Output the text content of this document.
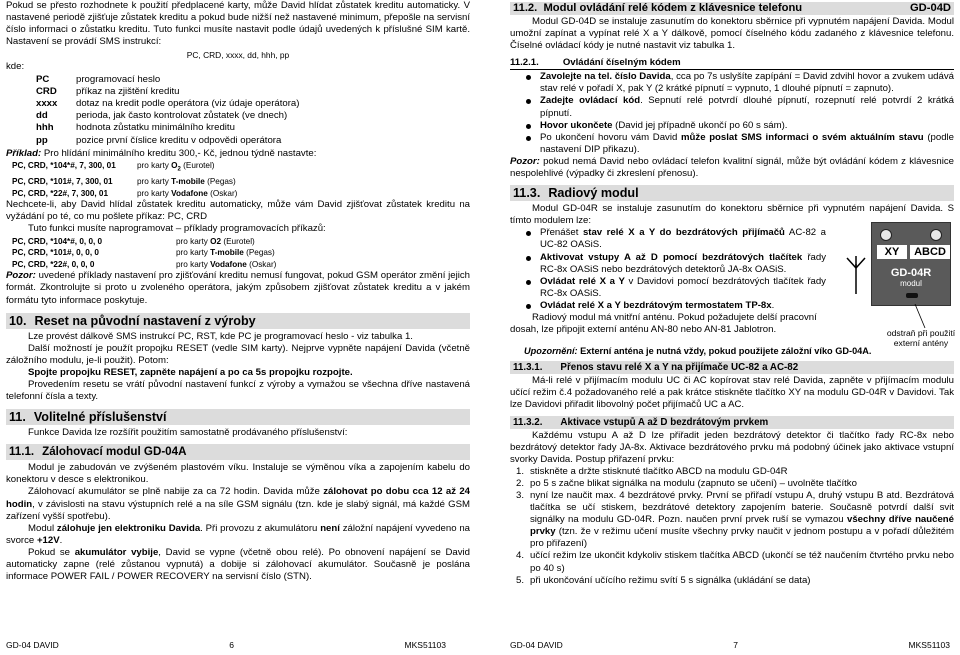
Pokud se přesto rozhodnete k použití předplacené karty, může David hlídat zůstatek kreditu automaticky. V nastavené periodě zjišťuje zůstatek kreditu a pokud bude nižší než nastavené minimum, přepošle na servisní číslo informaci o zůstatku kreditu. Tuto funkci musíte nastavit podle údajů uvedených k příslušné SIM kartě. Nastavení se provádí SMS instrukcí:

PC, CRD, xxxx, dd, hhh, pp

kde:

PC	programovací heslo
CRD	příkaz na zjištění kreditu
xxxx	dotaz na kredit podle operátora (viz údaje operátora)
dd	perioda, jak často kontrolovat zůstatek (ve dnech)
hhh	hodnota zůstatku minimálního kreditu
pp	pozice první číslice kreditu v odpovědi operátora

Příklad: Pro hlídání minimálního kreditu 300,- Kč, jednou týdně nastavte:

PC, CRD, *104*#, 7, 300, 01	pro karty $O_2$ (Eurotel)
PC, CRD, *101#, 7, 300, 01	pro karty T-mobile (Pegas)
PC, CRD, *22#, 7, 300, 01	pro karty Vodafone (Oskar)

Nechcete-li, aby David hlídal zůstatek kreditu automaticky, může vám David zjišťovat zůstatek kreditu na vyžádání po té, co mu pošlete příkaz: PC, CRD

Tuto funkci musíte naprogramovat – příklady programovacích příkazů:

PC, CRD, *104*#, 0, 0, 0	pro karty O2 (Eurotel)
PC, CRD, *101#, 0, 0, 0	pro karty T-mobile (Pegas)
PC, CRD, *22#, 0, 0, 0	pro karty Vodafone (Oskar)

Pozor: uvedené příklady nastavení pro zjišťování kreditu nemusí fungovat, pokud GSM operátor změní jejich formát. Zkontrolujte si proto u zvoleného operátora, jakým způsobem zjišťovat zůstatek kreditu a v jakém formátu tyto informace poskytuje.

10. Reset na původní nastavení z výroby

Lze provést dálkově SMS instrukcí PC, RST, kde PC je programovací heslo - viz tabulka 1.

Další možností je použít propojku RESET (vedle SIM karty). Nejprve vypněte napájení Davida (včetně záložního modulu, je-li použit). Potom:

Spojte propojku RESET, zapněte napájení a po ca 5s propojku rozpojte.

Provedením resetu se vrátí původní nastavení funkcí z výroby a vymažou se všechna dříve nastavená telefonní čísla a texty.

11. Volitelné příslušenství

Funkce Davida lze rozšířit použitím samostatně prodávaného příslušenství:

11.1. Zálohovací modul GD-04A

Modul je zabudován ve zvýšeném plastovém víku. Instaluje se výměnou víka a zapojením kabelu do konektoru v desce s elektronikou.

Zálohovací akumulátor se plně nabije za ca 72 hodin. Davida může zálohovat po dobu cca 12 až 24 hodin, v závislosti na stavu výstupních relé a na síle GSM signálu (tzn. kde je slabý signál, má každé GSM zařízení vyšší spotřebu).

Modul zálohuje jen elektroniku Davida. Při provozu z akumulátoru není záložní napájení vyvedeno na svorce +12V.

Pokud se akumulátor vybije, David se vypne (včetně obou relé). Po obnovení napájení se David automaticky zapne (relé zůstanou vypnutá) a dobije si zálohovací akumulátor. Současně je poslána informace POWER FAIL / POWER RECOVERY na servisní číslo (STN).

GD-04 DAVID	6	MKS51103
11.2. Modul ovládání relé kódem z klávesnice telefonu	GD-04D

Modul GD-04D se instaluje zasunutím do konektoru sběrnice při vypnutém napájení Davida. Modul umožní zapínat a vypínat relé X a Y dálkově, pomocí číselného kódu zadaného z klávesnice telefonu. Číselné ovládací kódy je nutné nastavit viz tabulka 1.

11.2.1.	Ovládání číselným kódem
Zavolejte na tel. číslo Davida, cca po 7s uslyšíte zapípání = David zdvihl hovor a zvukem udává stav relé v pořadí X, pak Y (2 krátké pípnutí = vypnuto, 1 dlouhé pípnutí = zapnuto).
Zadejte ovládací kód. Sepnutí relé potvrdí dlouhé pípnutí, rozepnutí relé potvrdí 2 krátká pípnutí.
Hovor ukončete (David jej případně ukončí po 60 s sám).
Po ukončení hovoru vám David může poslat SMS informaci o svém aktuálním stavu (podle nastavení DIP přikazu).

Pozor: pokud nemá David nebo ovládací telefon kvalitní signál, může být ovládání kódem z klávesnice nespolehlivé (výpadky či zkreslení přenosu).

11.3. Radiový modul

Modul GD-04R se instaluje zasunutím do konektoru sběrnice při vypnutém napájení Davida. S tímto modulem lze:

Přenášet stav relé X a Y do bezdrátových přijímačů AC-82 a UC-82 OASiS.
Aktivovat vstupy A až D pomocí bezdrátových tlačítek řady RC-8x OASiS nebo bezdrátových detektorů JA-8x OASiS.
Ovládat relé X a Y v Davidovi pomocí bezdrátových tlačítek řady RC-8x OASiS.
Ovládat relé X a Y bezdrátovým termostatem TP-8x.

Radiový modul má vnitřní anténu. Pokud požadujete delší pracovní dosah, lze připojit externí anténu AN-80 nebo AN-81 Jablotron.

Upozornění: Externí anténa je nutná vždy, pokud použijete záložní víko GD-04A.

11.3.1. Přenos stavu relé X a Y na přijímače UC-82 a AC-82

Má-li relé v přijímacím modulu UC či AC kopírovat stav relé Davida, zapněte v přijímacím modulu učící režim č.4 požadovaného relé a pak krátce stiskněte tlačítko XY na modulu GD-04R v Davidovi. Tak lze Davidovi přiřadit libovolný počet přijímačů UC a AC.

11.3.2. Aktivace vstupů A až D bezdrátovým prvkem

Každému vstupu A až D lze přiřadit jeden bezdrátový detektor či tlačítko řady RC-8x nebo bezdrátový detektor řady JA-8x. Aktivace bezdrátového prvku má podobný účinek jako aktivace vstupní svorky Davida. Postup přiřazení prvku:

1. stiskněte a držte stisknuté tlačítko ABCD na modulu GD-04R
2. po 5 s začne blikat signálka na modulu (zapnuto se učení) – uvolněte tlačítko
3. nyní lze naučit max. 4 bezdrátové prvky. První se přiřadí vstupu A, druhý vstupu B atd. Bezdrátová tlačítka se učí stiskem, bezdrátové detektory zapojením baterie. Současně potvrdí další svit signálky na modulu GD-04R. Pozn. naučen první prvek ruší se vymazou všechny dříve naučené prvky (tzn. že v režimu učení musíte všechny prvky naučit v jednom postupu a v pořadí důležitém pro přiřazení)
4. učící režim lze ukončit kdykoliv stiskem tlačítka ABCD (ukončí se též naučením čtvrtého prvku nebo po 40 s)
5. při ukončování učícího režimu svítí 5 s signálka (ukládání se data)
XY	ABCD
GD-04R
modul
odstraň při použití externí antény
GD-04 DAVID	7	MKS51103
